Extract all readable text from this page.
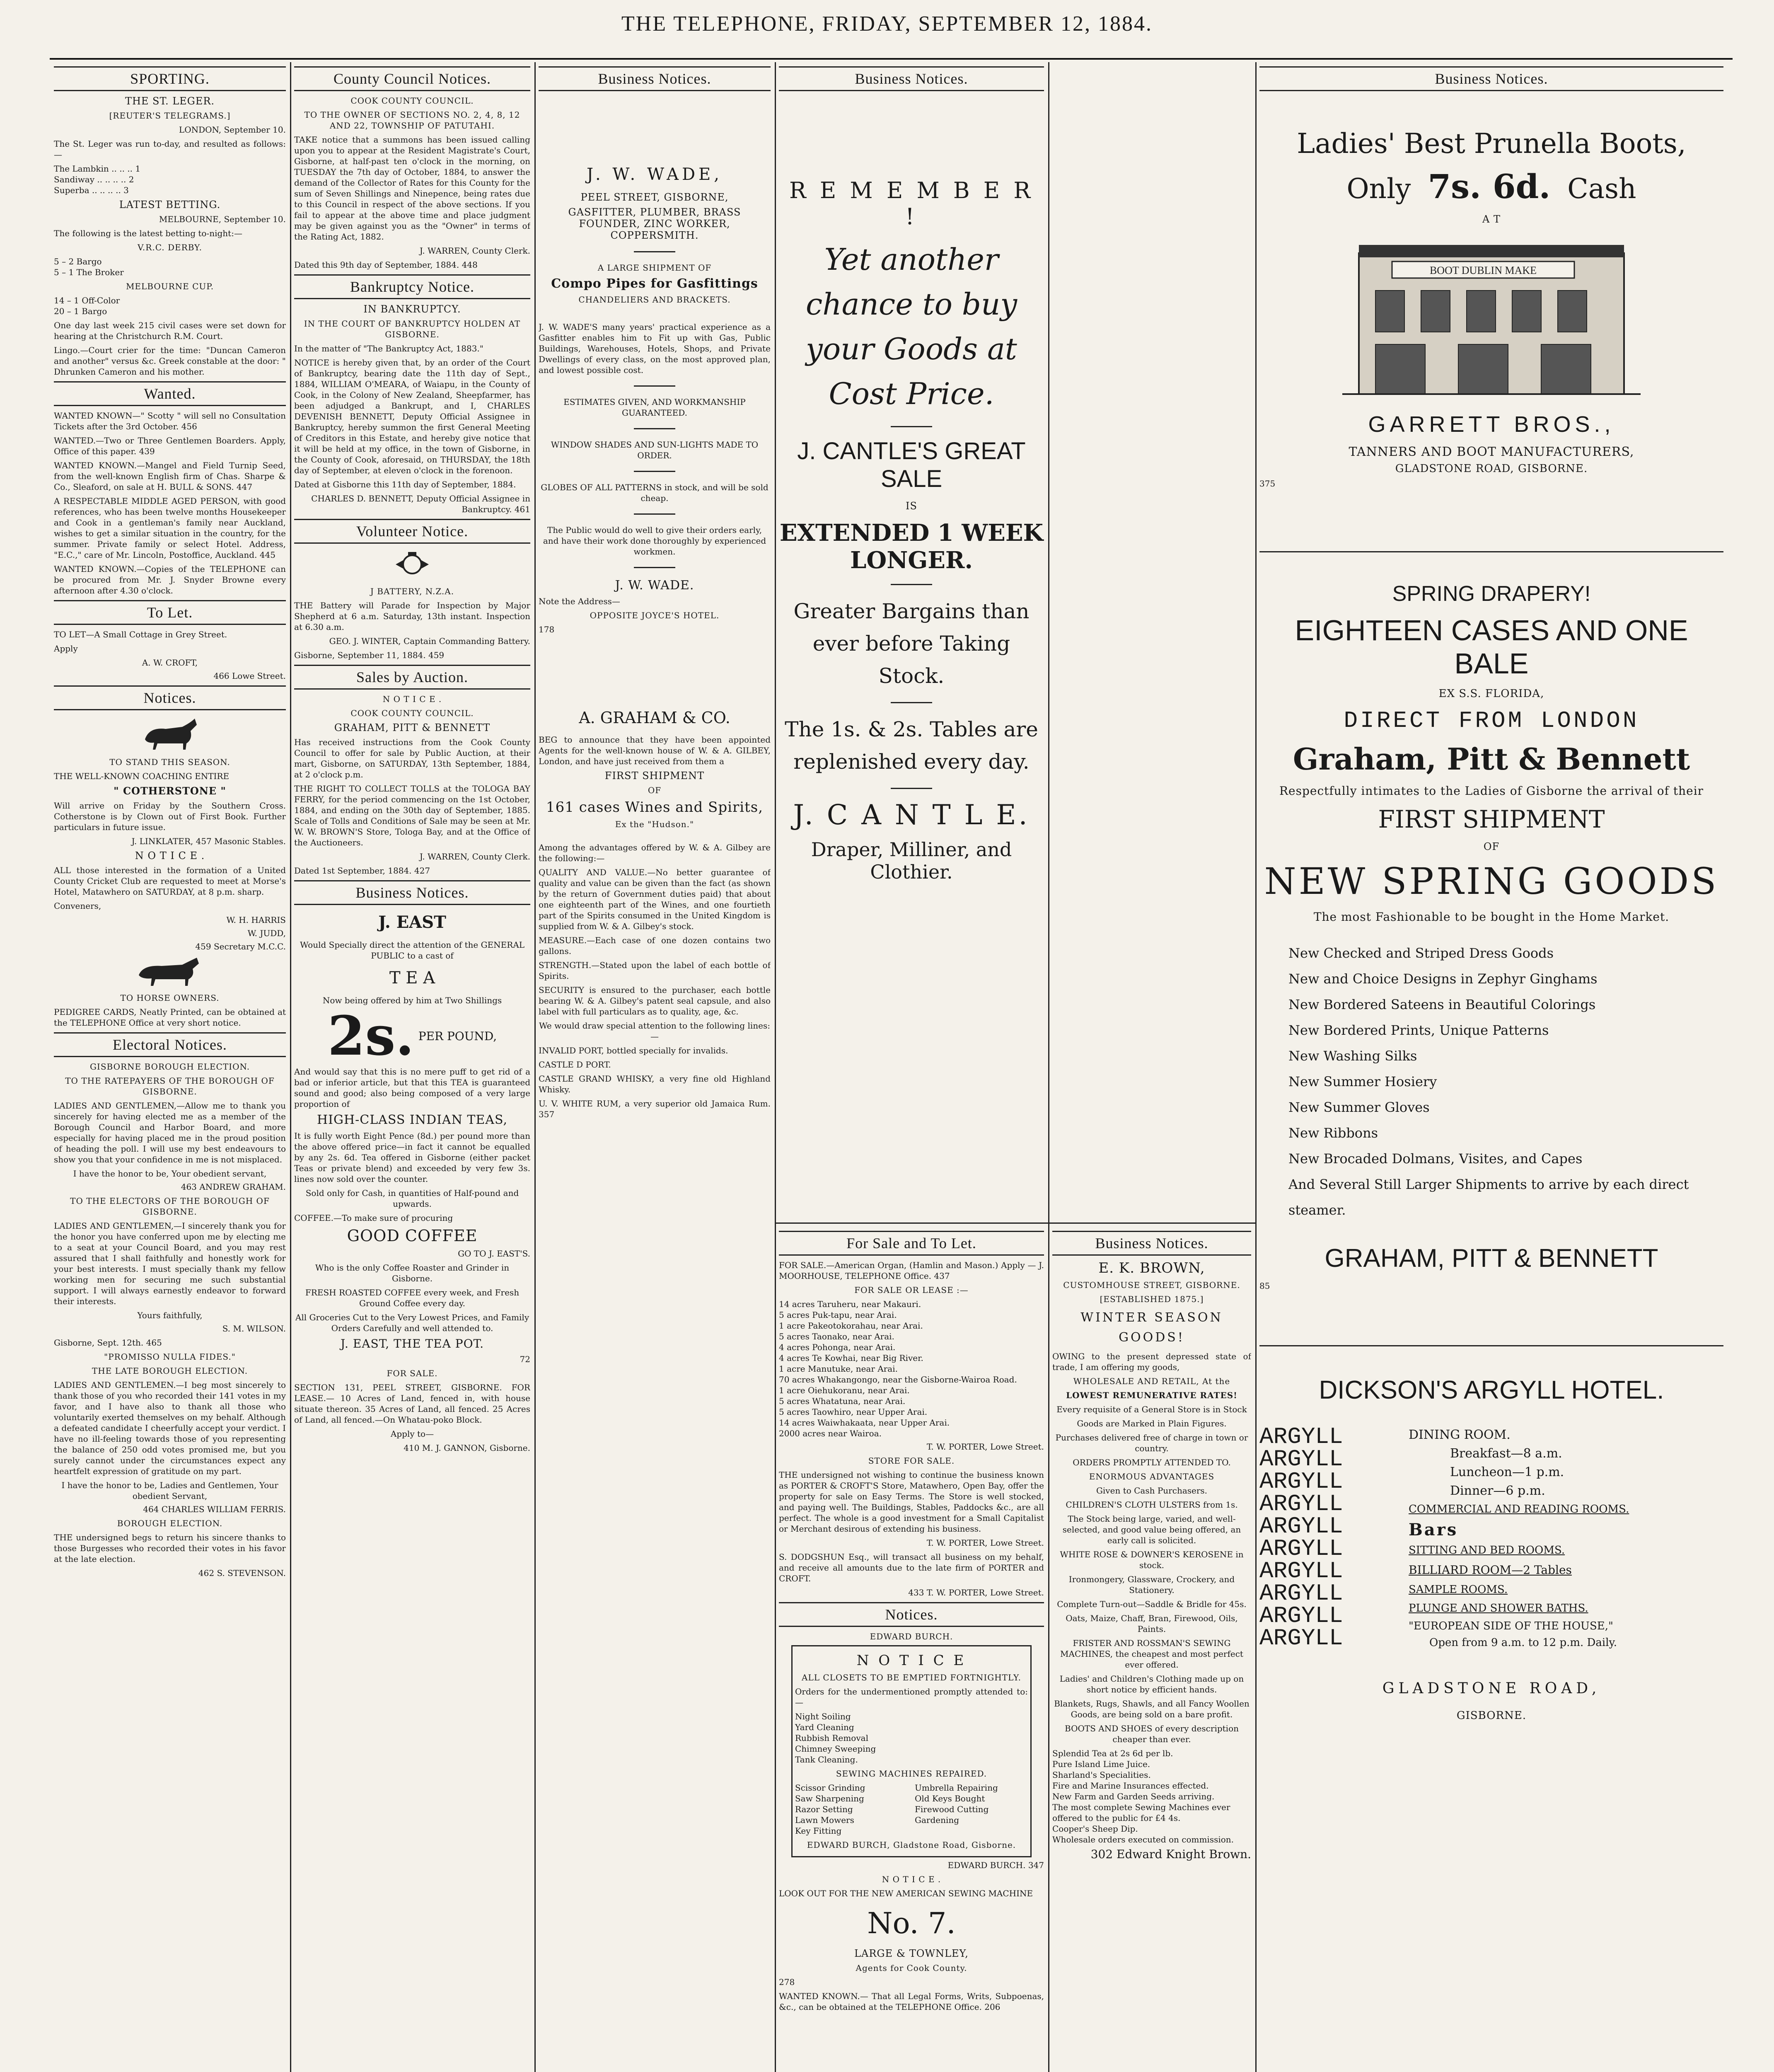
THE TELEPHONE, FRIDAY, SEPTEMBER 12, 1884.
SPORTING.
THE ST. LEGER.
[REUTER'S TELEGRAMS.]
LONDON, September 10.

The St. Leger was run to-day, and resulted as follows:—

The Lambkin .. .. .. 1
Sandiway .. .. .. .. 2
Superba .. .. .. .. 3
LATEST BETTING.
MELBOURNE, September 10.

The following is the latest betting to-night:—

V.R.C. DERBY.
5 – 2 Bargo
5 – 1 The Broker
MELBOURNE CUP.
14 – 1 Off-Color
20 – 1 Bargo

One day last week 215 civil cases were set down for hearing at the Christchurch R.M. Court.

Lingo.—Court crier for the time: "Duncan Cameron and another" versus &c. Greek constable at the door: " Dhrunken Cameron and his mother.

Wanted.

WANTED KNOWN—" Scotty " will sell no Consultation Tickets after the 3rd October. 456

WANTED.—Two or Three Gentlemen Boarders. Apply, Office of this paper. 439

WANTED KNOWN.—Mangel and Field Turnip Seed, from the well-known English firm of Chas. Sharpe & Co., Sleaford, on sale at H. BULL & SONS. 447

A RESPECTABLE MIDDLE AGED PERSON, with good references, who has been twelve months Housekeeper and Cook in a gentleman's family near Auckland, wishes to get a similar situation in the country, for the summer. Private family or select Hotel. Address, "E.C.," care of Mr. Lincoln, Postoffice, Auckland. 445

WANTED KNOWN.—Copies of the TELEPHONE can be procured from Mr. J. Snyder Browne every afternoon after 4.30 o'clock.

To Let.

TO LET—A Small Cottage in Grey Street.

Apply

A. W. CROFT,
466 Lowe Street.
Notices.
TO STAND THIS SEASON.

THE WELL-KNOWN COACHING ENTIRE

" COTHERSTONE "

Will arrive on Friday by the Southern Cross. Cotherstone is by Clown out of First Book. Further particulars in future issue.

J. LINKLATER, 457 Masonic Stables.
N O T I C E .

ALL those interested in the formation of a United County Cricket Club are requested to meet at Morse's Hotel, Matawhero on SATURDAY, at 8 p.m. sharp.

Conveners,

W. H. HARRIS
W. JUDD,
459 Secretary M.C.C.
TO HORSE OWNERS.

PEDIGREE CARDS, Neatly Printed, can be obtained at the TELEPHONE Office at very short notice.

Electoral Notices.
GISBORNE BOROUGH ELECTION.
TO THE RATEPAYERS OF THE BOROUGH OF GISBORNE.

LADIES AND GENTLEMEN,—Allow me to thank you sincerely for having elected me as a member of the Borough Council and Harbor Board, and more especially for having placed me in the proud position of heading the poll. I will use my best endeavours to show you that your confidence in me is not misplaced.

I have the honor to be, Your obedient servant,
463 ANDREW GRAHAM.
TO THE ELECTORS OF THE BOROUGH OF GISBORNE.

LADIES AND GENTLEMEN,—I sincerely thank you for the honor you have conferred upon me by electing me to a seat at your Council Board, and you may rest assured that I shall faithfully and honestly work for your best interests. I must specially thank my fellow working men for securing me such substantial support. I will always earnestly endeavor to forward their interests.

Yours faithfully,
S. M. WILSON.

Gisborne, Sept. 12th. 465

"PROMISSO NULLA FIDES."
THE LATE BOROUGH ELECTION.

LADIES AND GENTLEMEN.—I beg most sincerely to thank those of you who recorded their 141 votes in my favor, and I have also to thank all those who voluntarily exerted themselves on my behalf. Although a defeated candidate I cheerfully accept your verdict. I have no ill-feeling towards those of you representing the balance of 250 odd votes promised me, but you surely cannot under the circumstances expect any heartfelt expression of gratitude on my part.

I have the honor to be, Ladies and Gentlemen, Your obedient Servant,
464 CHARLES WILLIAM FERRIS.
BOROUGH ELECTION.

THE undersigned begs to return his sincere thanks to those Burgesses who recorded their votes in his favor at the late election.

462 S. STEVENSON.
County Council Notices.
COOK COUNTY COUNCIL.
TO THE OWNER OF SECTIONS NO. 2, 4, 8, 12 AND 22, TOWNSHIP OF PATUTAHI.

TAKE notice that a summons has been issued calling upon you to appear at the Resident Magistrate's Court, Gisborne, at half-past ten o'clock in the morning, on TUESDAY the 7th day of October, 1884, to answer the demand of the Collector of Rates for this County for the sum of Seven Shillings and Ninepence, being rates due to this Council in respect of the above sections. If you fail to appear at the above time and place judgment may be given against you as the "Owner" in terms of the Rating Act, 1882.

J. WARREN, County Clerk.

Dated this 9th day of September, 1884. 448

Bankruptcy Notice.
IN BANKRUPTCY.
IN THE COURT OF BANKRUPTCY HOLDEN AT GISBORNE.

In the matter of "The Bankruptcy Act, 1883."

NOTICE is hereby given that, by an order of the Court of Bankruptcy, bearing date the 11th day of Sept., 1884, WILLIAM O'MEARA, of Waiapu, in the County of Cook, in the Colony of New Zealand, Sheepfarmer, has been adjudged a Bankrupt, and I, CHARLES DEVENISH BENNETT, Deputy Official Assignee in Bankruptcy, hereby summon the first General Meeting of Creditors in this Estate, and hereby give notice that it will be held at my office, in the town of Gisborne, in the County of Cook, aforesaid, on THURSDAY, the 18th day of September, at eleven o'clock in the forenoon.

Dated at Gisborne this 11th day of September, 1884.

CHARLES D. BENNETT, Deputy Official Assignee in Bankruptcy. 461
Volunteer Notice.
J BATTERY, N.Z.A.

THE Battery will Parade for Inspection by Major Shepherd at 6 a.m. Saturday, 13th instant. Inspection at 6.30 a.m.

GEO. J. WINTER, Captain Commanding Battery.

Gisborne, September 11, 1884. 459

Sales by Auction.
N O T I C E .
COOK COUNTY COUNCIL.
GRAHAM, PITT & BENNETT

Has received instructions from the Cook County Council to offer for sale by Public Auction, at their mart, Gisborne, on SATURDAY, 13th September, 1884, at 2 o'clock p.m.

THE RIGHT TO COLLECT TOLLS at the TOLOGA BAY FERRY, for the period commencing on the 1st October, 1884, and ending on the 30th day of September, 1885. Scale of Tolls and Conditions of Sale may be seen at Mr. W. W. BROWN'S Store, Tologa Bay, and at the Office of the Auctioneers.

J. WARREN, County Clerk.

Dated 1st September, 1884. 427

Business Notices.
J. EAST

Would Specially direct the attention of the GENERAL PUBLIC to a cast of

T E A

Now being offered by him at Two Shillings

2s. PER POUND,

And would say that this is no mere puff to get rid of a bad or inferior article, but that this TEA is guaranteed sound and good; also being composed of a very large proportion of

HIGH-CLASS INDIAN TEAS,

It is fully worth Eight Pence (8d.) per pound more than the above offered price—in fact it cannot be equalled by any 2s. 6d. Tea offered in Gisborne (either packet Teas or private blend) and exceeded by very few 3s. lines now sold over the counter.

Sold only for Cash, in quantities of Half-pound and upwards.

COFFEE.—To make sure of procuring

GOOD COFFEE
GO TO J. EAST'S.

Who is the only Coffee Roaster and Grinder in Gisborne.

FRESH ROASTED COFFEE every week, and Fresh Ground Coffee every day.

All Groceries Cut to the Very Lowest Prices, and Family Orders Carefully and well attended to.

J. EAST, THE TEA POT.
72
FOR SALE.

SECTION 131, PEEL STREET, GISBORNE. FOR LEASE.— 10 Acres of Land, fenced in, with house situate thereon. 35 Acres of Land, all fenced. 25 Acres of Land, all fenced.—On Whatau-poko Block.

Apply to—

410 M. J. GANNON, Gisborne.
Business Notices.
J. W. WADE,
PEEL STREET, GISBORNE,
GASFITTER, PLUMBER, BRASS FOUNDER, ZINC WORKER, COPPERSMITH.
A LARGE SHIPMENT OF
Compo Pipes for Gasfittings
CHANDELIERS AND BRACKETS.

J. W. WADE'S many years' practical experience as a Gasfitter enables him to Fit up with Gas, Public Buildings, Warehouses, Hotels, Shops, and Private Dwellings of every class, on the most approved plan, and lowest possible cost.

ESTIMATES GIVEN, AND WORKMANSHIP GUARANTEED.

WINDOW SHADES AND SUN-LIGHTS MADE TO ORDER.

GLOBES OF ALL PATTERNS in stock, and will be sold cheap.

The Public would do well to give their orders early, and have their work done thoroughly by experienced workmen.

J. W. WADE.

Note the Address—

OPPOSITE JOYCE'S HOTEL.
178
A. GRAHAM & CO.

BEG to announce that they have been appointed Agents for the well-known house of W. & A. GILBEY, London, and have just received from them a

FIRST SHIPMENT
OF
161 cases Wines and Spirits,
Ex the "Hudson."

Among the advantages offered by W. & A. Gilbey are the following:—

QUALITY AND VALUE.—No better guarantee of quality and value can be given than the fact (as shown by the return of Government duties paid) that about one eighteenth part of the Wines, and one fourtieth part of the Spirits consumed in the United Kingdom is supplied from W. & A. Gilbey's stock.

MEASURE.—Each case of one dozen contains two gallons.

STRENGTH.—Stated upon the label of each bottle of Spirits.

SECURITY is ensured to the purchaser, each bottle bearing W. & A. Gilbey's patent seal capsule, and also label with full particulars as to quality, age, &c.

We would draw special attention to the following lines:—

INVALID PORT, bottled specially for invalids.

CASTLE D PORT.

CASTLE GRAND WHISKY, a very fine old Highland Whisky.

U. V. WHITE RUM, a very superior old Jamaica Rum. 357

Business Notices.
R E M E M B E R !
Yet another chance to buy your Goods at Cost Price.
J. CANTLE'S GREAT SALE
IS
EXTENDED 1 WEEK LONGER.
Greater Bargains than ever before Taking Stock.
The 1s. & 2s. Tables are replenished every day.
J. C A N T L E.
Draper, Milliner, and Clothier.
For Sale and To Let.

FOR SALE.—American Organ, (Hamlin and Mason.) Apply — J. MOORHOUSE, TELEPHONE Office. 437

FOR SALE OR LEASE :—
14 acres Taruheru, near Makauri.
5 acres Puk-tapu, near Arai.
1 acre Pakeotokorahau, near Arai.
5 acres Taonako, near Arai.
4 acres Pohonga, near Arai.
4 acres Te Kowhai, near Big River.
1 acre Manutuke, near Arai.
70 acres Whakangongo, near the Gisborne-Wairoa Road.
1 acre Oiehukoranu, near Arai.
5 acres Whatatuna, near Arai.
5 acres Taowhiro, near Upper Arai.
14 acres Waiwhakaata, near Upper Arai.
2000 acres near Wairoa.
T. W. PORTER, Lowe Street.
STORE FOR SALE.

THE undersigned not wishing to continue the business known as PORTER & CROFT'S Store, Matawhero, Open Bay, offer the property for sale on Easy Terms. The Store is well stocked, and paying well. The Buildings, Stables, Paddocks &c., are all perfect. The whole is a good investment for a Small Capitalist or Merchant desirous of extending his business.

T. W. PORTER, Lowe Street.

S. DODGSHUN Esq., will transact all business on my behalf, and receive all amounts due to the late firm of PORTER and CROFT.

433 T. W. PORTER, Lowe Street.
Notices.
EDWARD BURCH.
N O T I C E
ALL CLOSETS TO BE EMPTIED FORTNIGHTLY.

Orders for the undermentioned promptly attended to:—

Night Soiling
Yard Cleaning
Rubbish Removal
Chimney Sweeping
Tank Cleaning.
SEWING MACHINES REPAIRED.
Scissor Grinding
Saw Sharpening
Razor Setting
Lawn Mowers
Key Fitting
Umbrella Repairing
Old Keys Bought
Firewood Cutting
Gardening
EDWARD BURCH, Gladstone Road, Gisborne.
EDWARD BURCH. 347
N O T I C E .

LOOK OUT FOR THE NEW AMERICAN SEWING MACHINE

No. 7.
LARGE & TOWNLEY,
Agents for Cook County.
278

WANTED KNOWN.— That all Legal Forms, Writs, Subpoenas, &c., can be obtained at the TELEPHONE Office. 206

Business Notices.
E. K. BROWN,
CUSTOMHOUSE STREET, GISBORNE.
[ESTABLISHED 1875.]
WINTER SEASON GOODS!

OWING to the present depressed state of trade, I am offering my goods,

WHOLESALE AND RETAIL, At the
LOWEST REMUNERATIVE RATES!

Every requisite of a General Store is in Stock

Goods are Marked in Plain Figures.

Purchases delivered free of charge in town or country.

ORDERS PROMPTLY ATTENDED TO.

ENORMOUS ADVANTAGES

Given to Cash Purchasers.

CHILDREN'S CLOTH ULSTERS from 1s.

The Stock being large, varied, and well-selected, and good value being offered, an early call is solicited.

WHITE ROSE & DOWNER'S KEROSENE in stock.

Ironmongery, Glassware, Crockery, and Stationery.

Complete Turn-out—Saddle & Bridle for 45s.

Oats, Maize, Chaff, Bran, Firewood, Oils, Paints.

FRISTER AND ROSSMAN'S SEWING MACHINES, the cheapest and most perfect ever offered.

Ladies' and Children's Clothing made up on short notice by efficient hands.

Blankets, Rugs, Shawls, and all Fancy Woollen Goods, are being sold on a bare profit.

BOOTS AND SHOES of every description cheaper than ever.

Splendid Tea at 2s 6d per lb.
Pure Island Lime Juice.
Sharland's Specialities.
Fire and Marine Insurances effected.
New Farm and Garden Seeds arriving.
The most complete Sewing Machines ever offered to the public for £4 4s.
Cooper's Sheep Dip.
Wholesale orders executed on commission.
302 Edward Knight Brown.
Business Notices.
Ladies' Best Prunella Boots,
Only 7s. 6d. Cash
A T
BOOT DUBLIN MAKE
GARRETT BROS.,
TANNERS AND BOOT MANUFACTURERS,
GLADSTONE ROAD, GISBORNE.
375
SPRING DRAPERY!
EIGHTEEN CASES AND ONE BALE
EX S.S. FLORIDA,
DIRECT FROM LONDON
Graham, Pitt & Bennett
Respectfully intimates to the Ladies of Gisborne the arrival of their
FIRST SHIPMENT
OF
NEW SPRING GOODS
The most Fashionable to be bought in the Home Market.
New Checked and Striped Dress Goods
New and Choice Designs in Zephyr Ginghams
New Bordered Sateens in Beautiful Colorings
New Bordered Prints, Unique Patterns
New Washing Silks
New Summer Hosiery
New Summer Gloves
New Ribbons
New Brocaded Dolmans, Visites, and Capes
And Several Still Larger Shipments to arrive by each direct steamer.
GRAHAM, PITT & BENNETT
85
DICKSON'S ARGYLL HOTEL.
ARGYLL
ARGYLL
ARGYLL
ARGYLL
ARGYLL
ARGYLL
ARGYLL
ARGYLL
ARGYLL
ARGYLL
DINING ROOM.
Breakfast—8 a.m.
Luncheon—1 p.m.
Dinner—6 p.m.
COMMERCIAL AND READING ROOMS.
Bars
SITTING AND BED ROOMS.
BILLIARD ROOM—2 Tables
SAMPLE ROOMS.
PLUNGE AND SHOWER BATHS.
"EUROPEAN SIDE OF THE HOUSE,"
Open from 9 a.m. to 12 p.m. Daily.
GLADSTONE ROAD,
GISBORNE.
